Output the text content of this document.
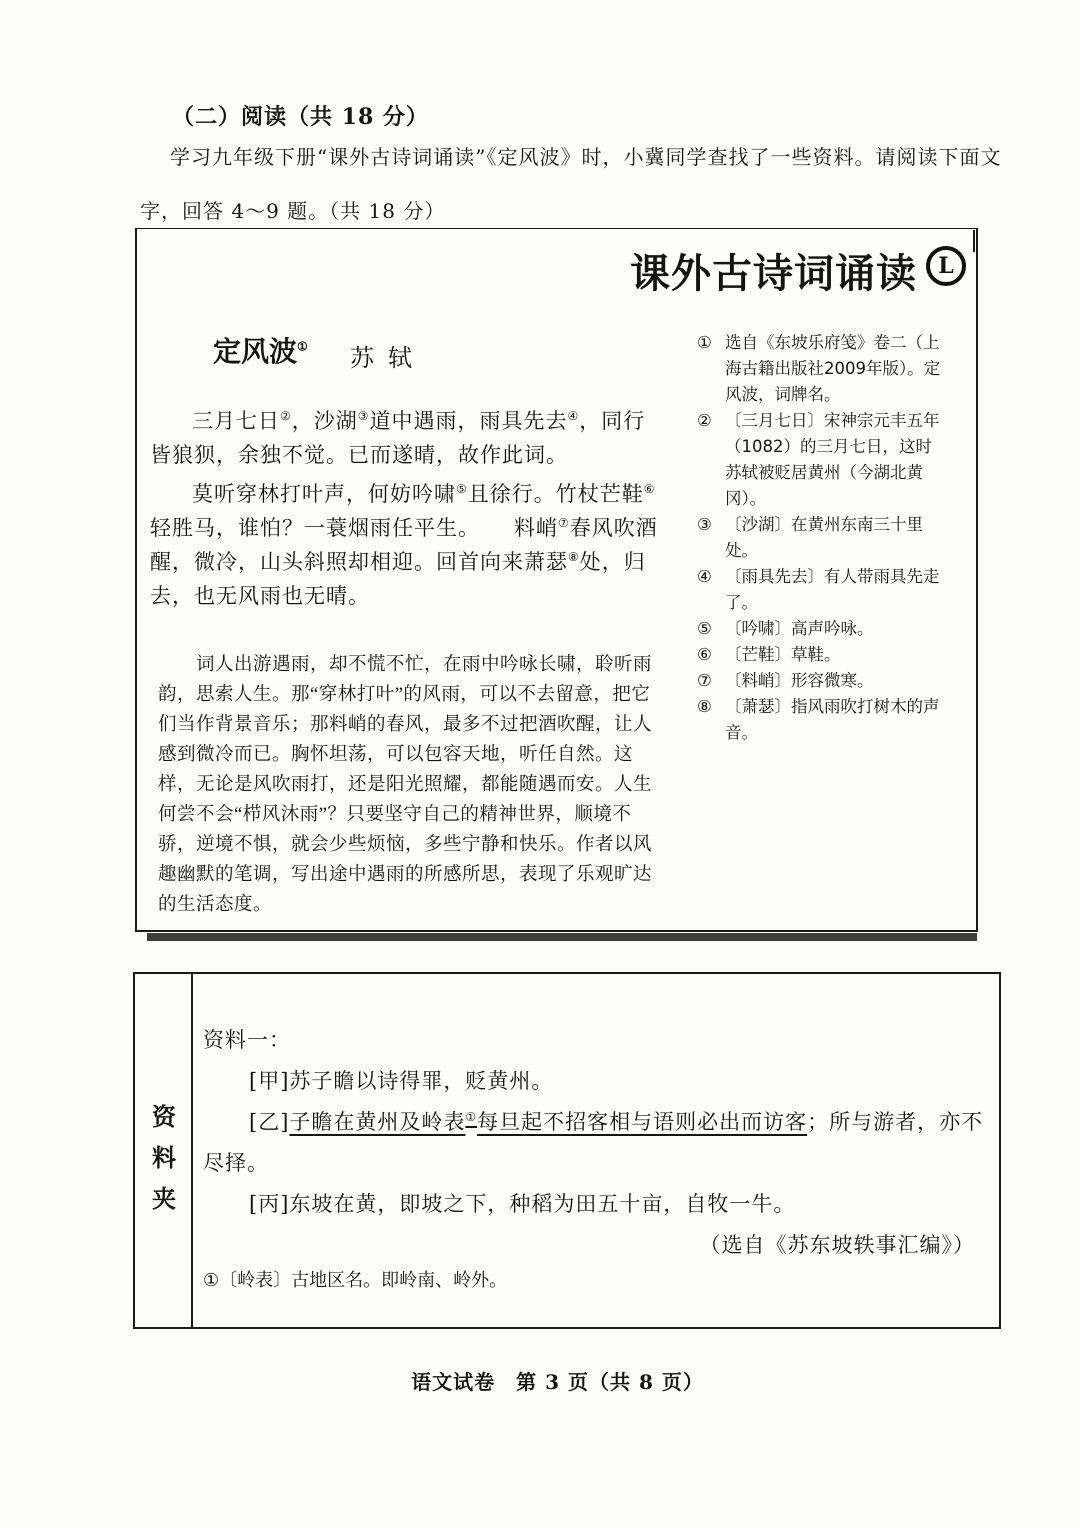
（二）阅读（共 18 分）
学习九年级下册“课外古诗词诵读”《定风波》时，小冀同学查找了一些资料。请阅读下面文字，回答 4～9 题。（共 18 分）
课外古诗词诵读 L
定风波① 苏轼

三月七日②，沙湖③道中遇雨，雨具先去④，同行皆狼狈，余独不觉。已而遂晴，故作此词。

莫听穿林打叶声，何妨吟啸⑤且徐行。竹杖芒鞋⑥轻胜马，谁怕？一蓑烟雨任平生。 料峭⑦春风吹酒醒，微冷，山头斜照却相迎。回首向来萧瑟⑧处，归去，也无风雨也无晴。

词人出游遇雨，却不慌不忙，在雨中吟咏长啸，聆听雨韵，思索人生。那“穿林打叶”的风雨，可以不去留意，把它们当作背景音乐；那料峭的春风，最多不过把酒吹醒，让人感到微冷而已。胸怀坦荡，可以包容天地，听任自然。这样，无论是风吹雨打，还是阳光照耀，都能随遇而安。人生何尝不会“栉风沐雨”？只要坚守自己的精神世界，顺境不骄，逆境不惧，就会少些烦恼，多些宁静和快乐。作者以风趣幽默的笔调，写出途中遇雨的所感所思，表现了乐观旷达的生活态度。
① 选自《东坡乐府笺》卷二（上海古籍出版社2009年版）。定风波，词牌名。
② 〔三月七日〕宋神宗元丰五年（1082）的三月七日，这时苏轼被贬居黄州（今湖北黄冈）。
③ 〔沙湖〕在黄州东南三十里处。
④ 〔雨具先去〕有人带雨具先走了。
⑤ 〔吟啸〕高声吟咏。
⑥ 〔芒鞋〕草鞋。
⑦ 〔料峭〕形容微寒。
⑧ 〔萧瑟〕指风雨吹打树木的声音。
资
料
夹

资料一：

[甲]苏子瞻以诗得罪，贬黄州。

[乙]子瞻在黄州及岭表①每旦起不招客相与语则必出而访客；所与游者，亦不尽择。

[丙]东坡在黄，即坡之下，种稻为田五十亩，自牧一牛。

（选自《苏东坡轶事汇编》）

①〔岭表〕古地区名。即岭南、岭外。
语文试卷　第 3 页（共 8 页）
